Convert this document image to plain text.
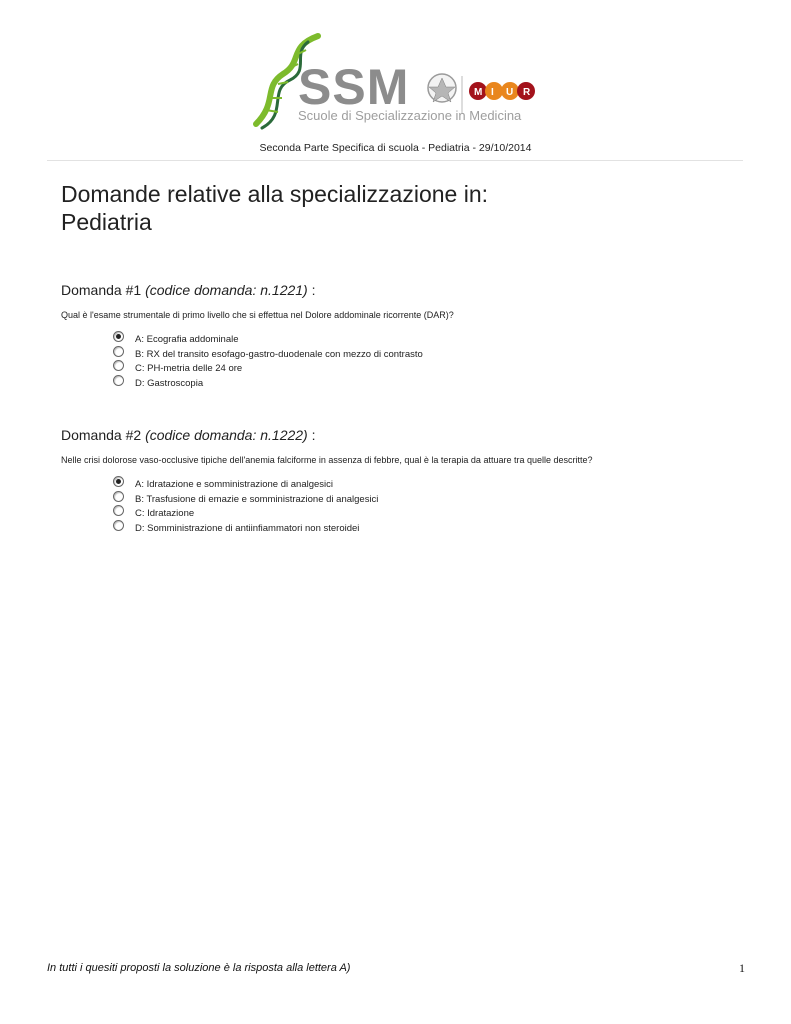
SSM	M I U R
Scuole di Specializzazione in Medicina
Seconda Parte Specifica di scuola - Pediatria - 29/10/2014
Domande relative alla specializzazione in:
Pediatria
Domanda #1 (codice domanda: n.1221) :
Qual è l'esame strumentale di primo livello che si effettua nel Dolore addominale ricorrente (DAR)?
A: Ecografia addominale
B: RX del transito esofago-gastro-duodenale con mezzo di contrasto
C: PH-metria delle 24 ore
D: Gastroscopia
Domanda #2 (codice domanda: n.1222) :
Nelle crisi dolorose vaso-occlusive tipiche dell'anemia falciforme in assenza di febbre, qual è la terapia da attuare tra quelle descritte?
A: Idratazione e somministrazione di analgesici
B: Trasfusione di emazie e somministrazione di analgesici
C: Idratazione
D: Somministrazione di antiinfiammatori non steroidei
In tutti i quesiti proposti la soluzione è la risposta alla lettera A)	1
